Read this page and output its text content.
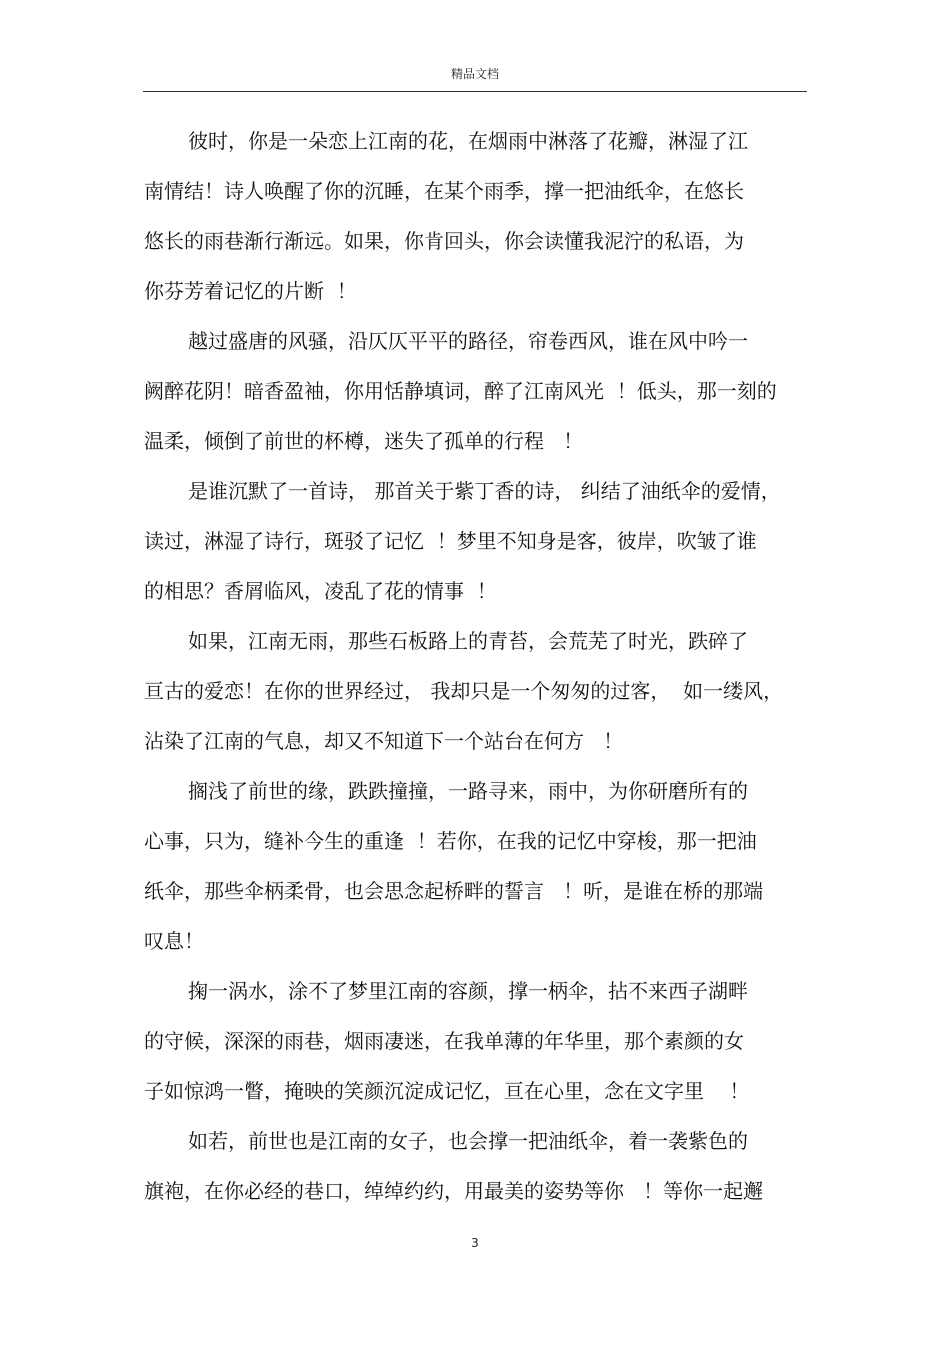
精品文档
彼时，你是一朵恋上江南的花，在烟雨中淋落了花瓣，淋湿了江
南情结！诗人唤醒了你的沉睡，在某个雨季，撑一把油纸伞，在悠长
悠长的雨巷渐行渐远。如果，你肯回头，你会读懂我泥泞的私语，为
你芬芳着记忆的片断  ！
越过盛唐的风骚，沿仄仄平平的路径，帘卷西风，谁在风中吟一
阙醉花阴！暗香盈袖，你用恬静填词，醉了江南风光  ！低头，那一刻的
温柔，倾倒了前世的杯樽，迷失了孤单的行程   ！
是谁沉默了一首诗， 那首关于紫丁香的诗， 纠结了油纸伞的爱情，
读过，淋湿了诗行，斑驳了记忆  ！梦里不知身是客，彼岸，吹皱了谁
的相思？香屑临风，凌乱了花的情事  ！
如果，江南无雨，那些石板路上的青苔，会荒芜了时光，跌碎了
亘古的爱恋！在你的世界经过， 我却只是一个匆匆的过客，  如一缕风，
沾染了江南的气息，却又不知道下一个站台在何方   ！
搁浅了前世的缘，跌跌撞撞，一路寻来，雨中，为你研磨所有的
心事，只为，缝补今生的重逢  ！若你，在我的记忆中穿梭，那一把油
纸伞，那些伞柄柔骨，也会思念起桥畔的誓言   ！听，是谁在桥的那端
叹息！
掬一涡水，涂不了梦里江南的容颜，撑一柄伞，拈不来西子湖畔
的守候，深深的雨巷，烟雨凄迷，在我单薄的年华里，那个素颜的女
子如惊鸿一瞥，掩映的笑颜沉淀成记忆，亘在心里，念在文字里    ！
如若，前世也是江南的女子，也会撑一把油纸伞，着一袭紫色的
旗袍，在你必经的巷口，绰绰约约，用最美的姿势等你   ！等你一起邂
3
